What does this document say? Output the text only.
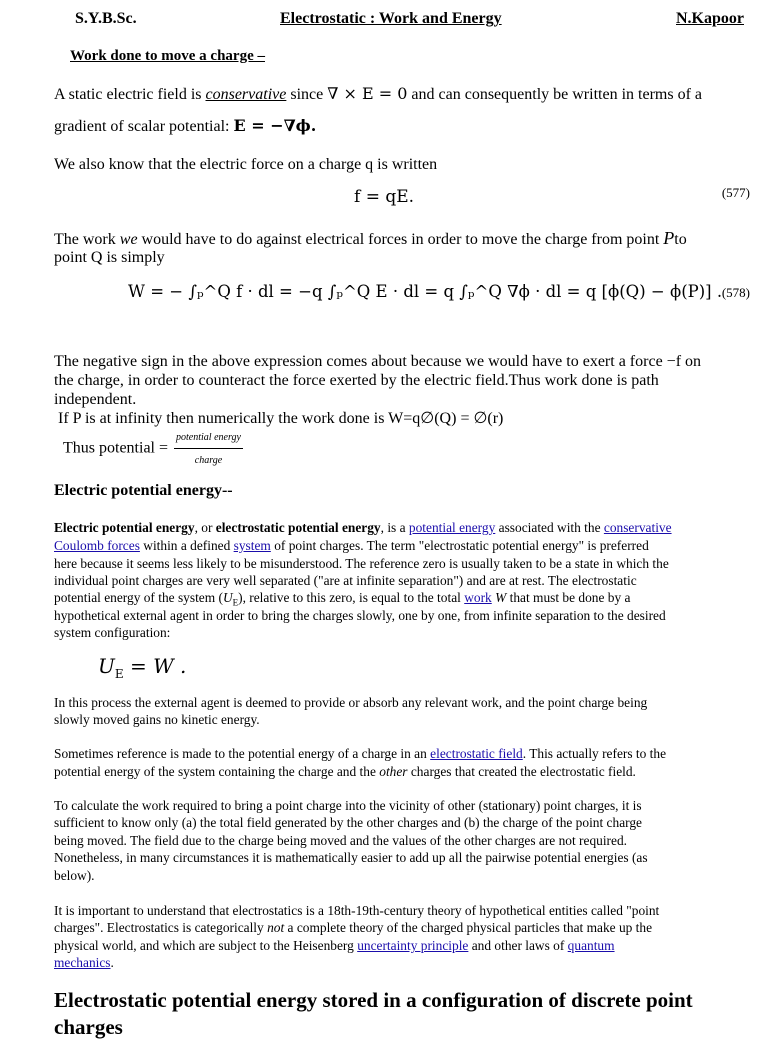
S.Y.B.Sc.	Electrostatic : Work and Energy	N.Kapoor
Work done to move a charge –
A static electric field is conservative since ∇ × E = 0 and can consequently be written in terms of a
gradient of scalar potential: E = −∇ϕ.
We also know that the electric force on a charge q is written
f = qE.	(577)
The work we would have to do against electrical forces in order to move the charge from point Pto
point Q is simply
W = − ∫ₚ^Q f · dl = −q ∫ₚ^Q E · dl = q ∫ₚ^Q ∇ϕ · dl = q [ϕ(Q) − ϕ(P)] . (578)
The negative sign in the above expression comes about because we would have to exert a force −f on
the charge, in order to counteract the force exerted by the electric field.Thus work done is path
independent.
If P is at infinity then numerically the work done is W=q∅(Q) = ∅(r)
Thus potential = $\frac{\text{potential energy}}{\text{charge}}$
Electric potential energy--
Electric potential energy, or electrostatic potential energy, is a potential energy associated with the conservative
Coulomb forces within a defined system of point charges. The term "electrostatic potential energy" is preferred
here because it seems less likely to be misunderstood. The reference zero is usually taken to be a state in which the
individual point charges are very well separated ("are at infinite separation") and are at rest. The electrostatic
potential energy of the system $(U_E)$, relative to this zero, is equal to the total work W that must be done by a
hypothetical external agent in order to bring the charges slowly, one by one, from infinite separation to the desired
system configuration:
$U_E = W$ .
In this process the external agent is deemed to provide or absorb any relevant work, and the point charge being
slowly moved gains no kinetic energy.
Sometimes reference is made to the potential energy of a charge in an electrostatic field. This actually refers to the
potential energy of the system containing the charge and the other charges that created the electrostatic field.
To calculate the work required to bring a point charge into the vicinity of other (stationary) point charges, it is
sufficient to know only (a) the total field generated by the other charges and (b) the charge of the point charge
being moved. The field due to the charge being moved and the values of the other charges are not required.
Nonetheless, in many circumstances it is mathematically easier to add up all the pairwise potential energies (as
below).
It is important to understand that electrostatics is a 18th-19th-century theory of hypothetical entities called "point
charges". Electrostatics is categorically not a complete theory of the charged physical particles that make up the
physical world, and which are subject to the Heisenberg uncertainty principle and other laws of quantum
mechanics.
Electrostatic potential energy stored in a configuration of discrete point
charges
